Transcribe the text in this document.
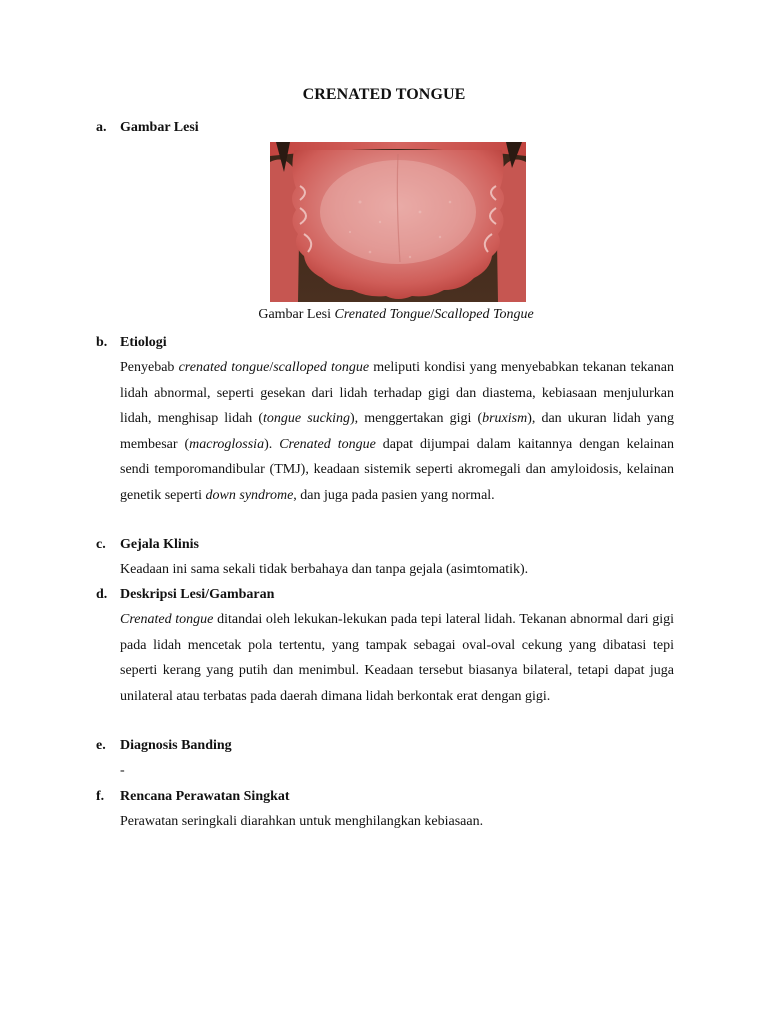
CRENATED TONGUE
a. Gambar Lesi
Gambar Lesi Crenated Tongue/Scalloped Tongue
b. Etiologi
Penyebab crenated tongue/scalloped tongue meliputi kondisi yang menyebabkan tekanan tekanan lidah abnormal, seperti gesekan dari lidah terhadap gigi dan diastema, kebiasaan menjulurkan lidah, menghisap lidah (tongue sucking), menggertakan gigi (bruxism), dan ukuran lidah yang membesar (macroglossia). Crenated tongue dapat dijumpai dalam kaitannya dengan kelainan sendi temporomandibular (TMJ), keadaan sistemik seperti akromegali dan amyloidosis, kelainan genetik seperti down syndrome, dan juga pada pasien yang normal.
c. Gejala Klinis
Keadaan ini sama sekali tidak berbahaya dan tanpa gejala (asimtomatik).
d. Deskripsi Lesi/Gambaran
Crenated tongue ditandai oleh lekukan-lekukan pada tepi lateral lidah. Tekanan abnormal dari gigi pada lidah mencetak pola tertentu, yang tampak sebagai oval-oval cekung yang dibatasi tepi seperti kerang yang putih dan menimbul. Keadaan tersebut biasanya bilateral, tetapi dapat juga unilateral atau terbatas pada daerah dimana lidah berkontak erat dengan gigi.
e. Diagnosis Banding
-
f. Rencana Perawatan Singkat
Perawatan seringkali diarahkan untuk menghilangkan kebiasaan.
